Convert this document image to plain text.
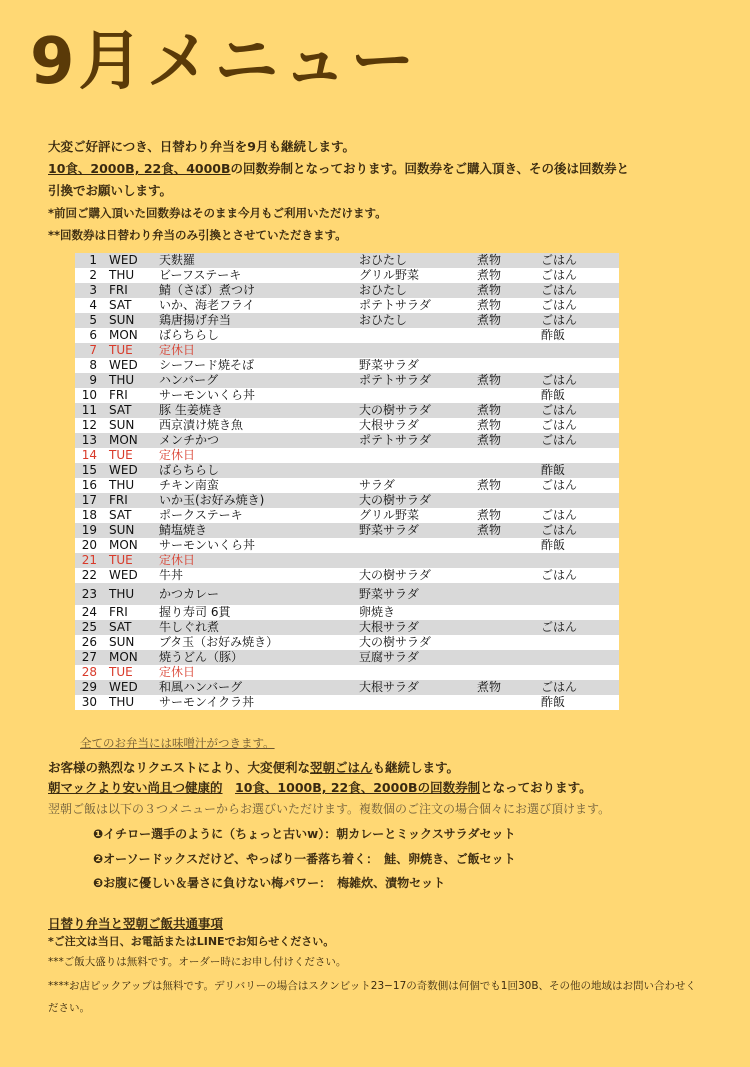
9月メニュー
大変ご好評につき、日替わり弁当を9月も継続します。
10食、2000B, 22食、4000Bの回数券制となっております。回数券をご購入頂き、その後は回数券と
引換でお願いします。
*前回ご購入頂いた回数券はそのまま今月もご利用いただけます。
**回数券は日替わり弁当のみ引換とさせていただきます。
1	WED	天麩羅	おひたし	煮物	ごはん
2	THU	ビーフステーキ	グリル野菜	煮物	ごはん
3	FRI	鯖（さば）煮つけ	おひたし	煮物	ごはん
4	SAT	いか、海老フライ	ポテトサラダ	煮物	ごはん
5	SUN	鶏唐揚げ弁当	おひたし	煮物	ごはん
6	MON	ばらちらし			酢飯
7	TUE	定休日			
8	WED	シーフード焼そば	野菜サラダ		
9	THU	ハンバーグ	ポテトサラダ	煮物	ごはん
10	FRI	サーモンいくら丼			酢飯
11	SAT	豚 生姜焼き	大の樹サラダ	煮物	ごはん
12	SUN	西京漬け焼き魚	大根サラダ	煮物	ごはん
13	MON	メンチかつ	ポテトサラダ	煮物	ごはん
14	TUE	定休日			
15	WED	ばらちらし			酢飯
16	THU	チキン南蛮	サラダ	煮物	ごはん
17	FRI	いか玉(お好み焼き)	大の樹サラダ		
18	SAT	ポークステーキ	グリル野菜	煮物	ごはん
19	SUN	鯖塩焼き	野菜サラダ	煮物	ごはん
20	MON	サーモンいくら丼			酢飯
21	TUE	定休日			
22	WED	牛丼	大の樹サラダ		ごはん
23	THU	かつカレー	野菜サラダ		
24	FRI	握り寿司 6貫	卵焼き		
25	SAT	牛しぐれ煮	大根サラダ		ごはん
26	SUN	ブタ玉（お好み焼き）	大の樹サラダ		
27	MON	焼うどん（豚）	豆腐サラダ		
28	TUE	定休日			
29	WED	和風ハンバーグ	大根サラダ	煮物	ごはん
30	THU	サーモンイクラ丼			酢飯
全てのお弁当には味噌汁がつきます。
お客様の熱烈なリクエストにより、大変便利な翌朝ごはんも継続します。
朝マックより安い尚且つ健康的　 10食、1000B, 22食、2000Bの回数券制となっております。
翌朝ご飯は以下の３つメニューからお選びいただけます。複数個のご注文の場合個々にお選び頂けます。
❶イチロー選手のように（ちょっと古いw）：朝カレーとミックスサラダセット
❷オーソードックスだけど、やっぱり一番落ち着く：　鮭、卵焼き、ご飯セット
❸お腹に優しい＆暑さに負けない梅パワー：　梅雑炊、漬物セット
日替り弁当と翌朝ご飯共通事項
*ご注文は当日、お電話またはLINEでお知らせください。
***ご飯大盛りは無料です。オーダー時にお申し付けください。
****お店ピックアップは無料です。デリバリーの場合はスクンビット23−17の奇数側は何個でも1回30B、その他の地域はお問い合わせください。
